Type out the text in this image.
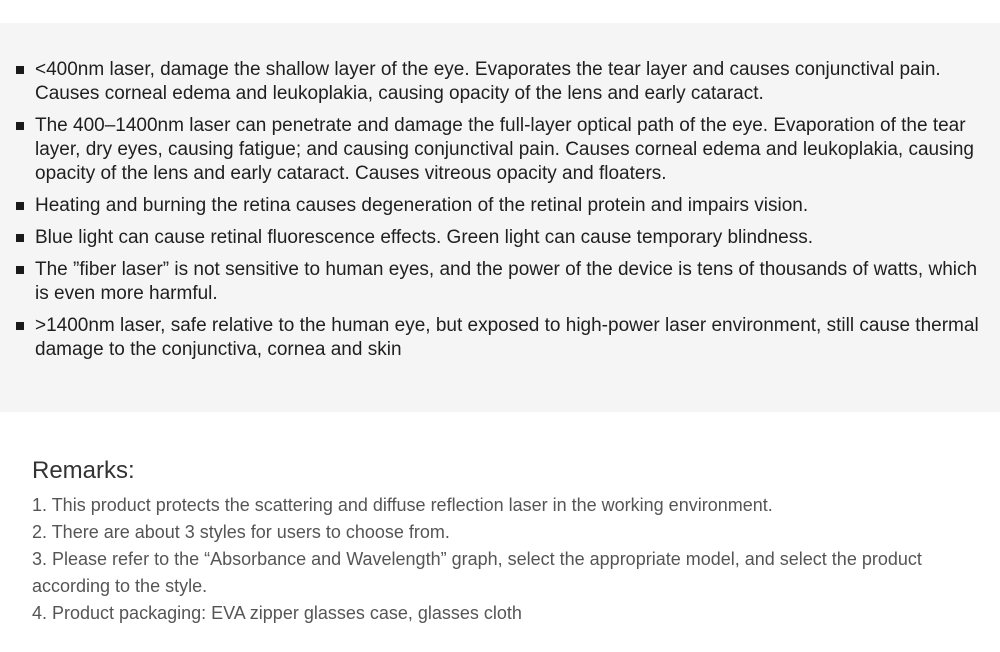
<400nm laser, damage the shallow layer of the eye. Evaporates the tear layer and causes conjunctival pain. Causes corneal edema and leukoplakia, causing opacity of the lens and early cataract.
The 400–1400nm laser can penetrate and damage the full-layer optical path of the eye. Evaporation of the tear layer, dry eyes, causing fatigue; and causing conjunctival pain. Causes corneal edema and leukoplakia, causing opacity of the lens and early cataract. Causes vitreous opacity and floaters.
Heating and burning the retina causes degeneration of the retinal protein and impairs vision.
Blue light can cause retinal fluorescence effects. Green light can cause temporary blindness.
The ”fiber laser” is not sensitive to human eyes, and the power of the device is tens of thousands of watts, which is even more harmful.
>1400nm laser, safe relative to the human eye, but exposed to high-power laser environment, still cause thermal damage to the conjunctiva, cornea and skin
Remarks:
1. This product protects the scattering and diffuse reflection laser in the working environment.
2. There are about 3 styles for users to choose from.
3. Please refer to the “Absorbance and Wavelength” graph, select the appropriate model, and select the product according to the style.
4. Product packaging: EVA zipper glasses case, glasses cloth
